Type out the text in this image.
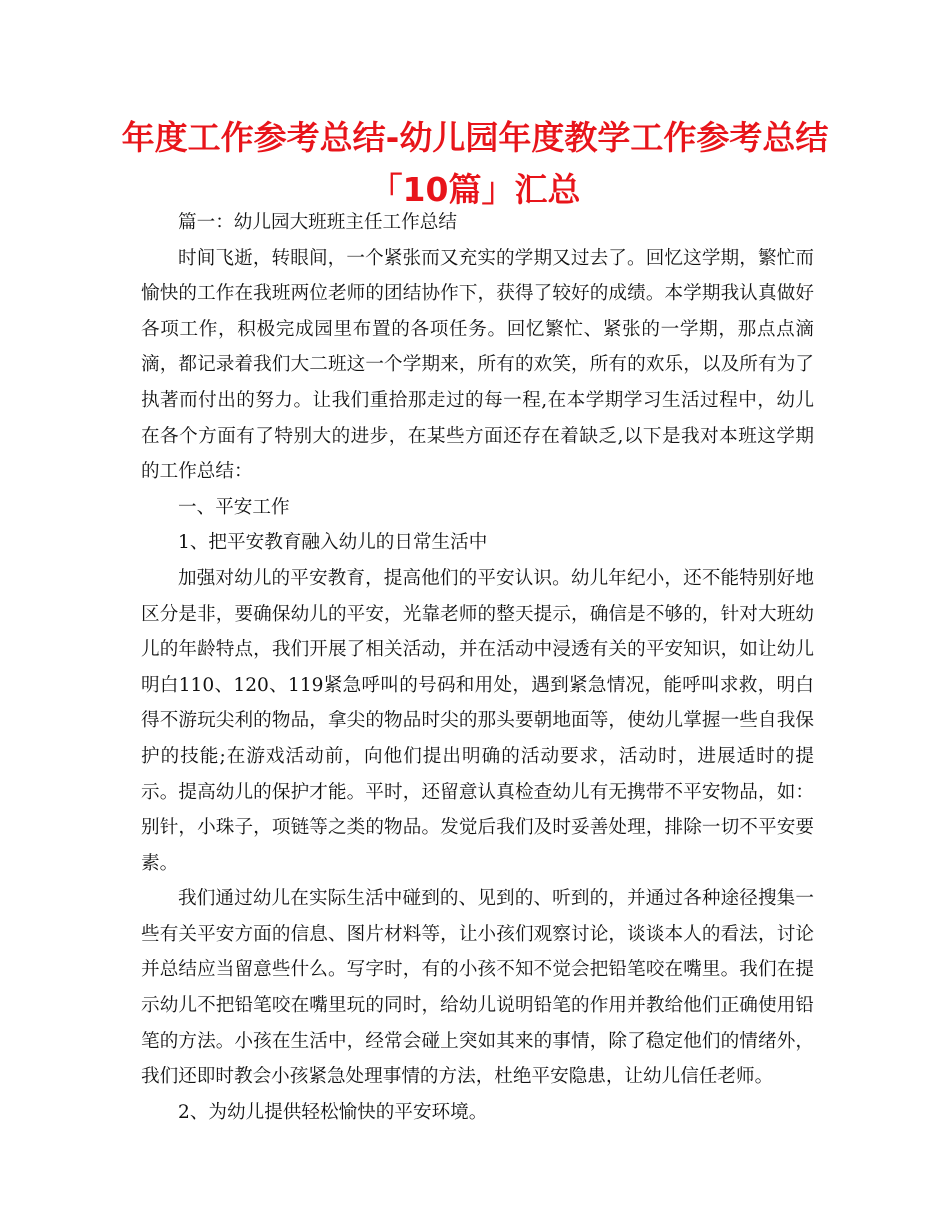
年度工作参考总结-幼儿园年度教学工作参考总结「10篇」汇总

篇一：幼儿园大班班主任工作总结

时间飞逝，转眼间，一个紧张而又充实的学期又过去了。回忆这学期，繁忙而愉快的工作在我班两位老师的团结协作下，获得了较好的成绩。本学期我认真做好各项工作，积极完成园里布置的各项任务。回忆繁忙、紧张的一学期，那点点滴滴，都记录着我们大二班这一个学期来，所有的欢笑，所有的欢乐，以及所有为了执著而付出的努力。让我们重拾那走过的每一程,在本学期学习生活过程中，幼儿在各个方面有了特别大的进步，在某些方面还存在着缺乏,以下是我对本班这学期的工作总结：

一、平安工作

1、把平安教育融入幼儿的日常生活中

加强对幼儿的平安教育，提高他们的平安认识。幼儿年纪小，还不能特别好地区分是非，要确保幼儿的平安，光靠老师的整天提示，确信是不够的，针对大班幼儿的年龄特点，我们开展了相关活动，并在活动中浸透有关的平安知识，如让幼儿明白110、120、119紧急呼叫的号码和用处，遇到紧急情况，能呼叫求救，明白得不游玩尖利的物品，拿尖的物品时尖的那头要朝地面等，使幼儿掌握一些自我保护的技能;在游戏活动前，向他们提出明确的活动要求，活动时，进展适时的提示。提高幼儿的保护才能。平时，还留意认真检查幼儿有无携带不平安物品，如：别针，小珠子，项链等之类的物品。发觉后我们及时妥善处理，排除一切不平安要素。

我们通过幼儿在实际生活中碰到的、见到的、听到的，并通过各种途径搜集一些有关平安方面的信息、图片材料等，让小孩们观察讨论，谈谈本人的看法，讨论并总结应当留意些什么。写字时，有的小孩不知不觉会把铅笔咬在嘴里。我们在提示幼儿不把铅笔咬在嘴里玩的同时，给幼儿说明铅笔的作用并教给他们正确使用铅笔的方法。小孩在生活中，经常会碰上突如其来的事情，除了稳定他们的情绪外，我们还即时教会小孩紧急处理事情的方法，杜绝平安隐患，让幼儿信任老师。

2、为幼儿提供轻松愉快的平安环境。
